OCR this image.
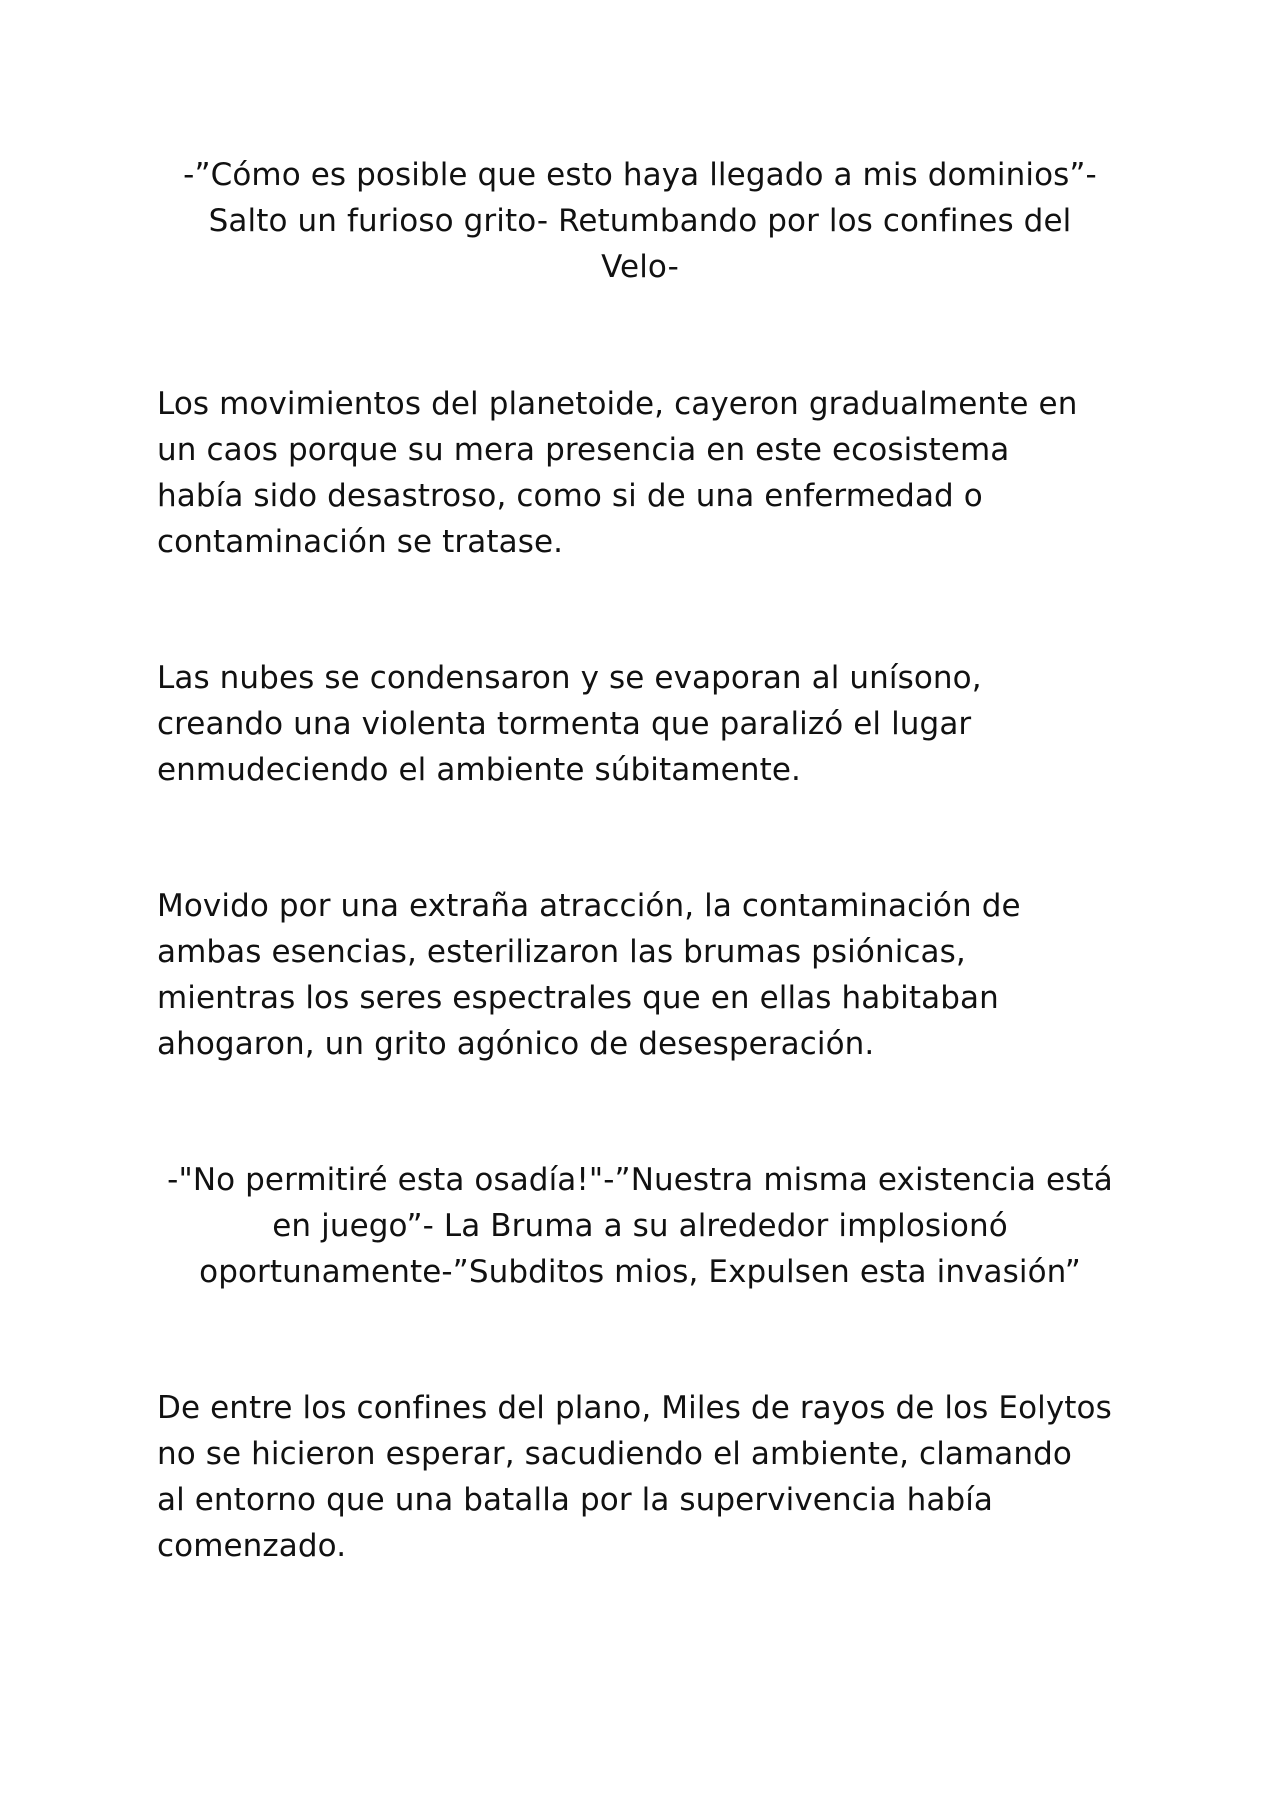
-”Cómo es posible que esto haya llegado a mis dominios”-
Salto un furioso grito- Retumbando por los confines del
Velo-

Los movimientos del planetoide, cayeron gradualmente en
un caos porque su mera presencia en este ecosistema
había sido desastroso, como si de una enfermedad o
contaminación se tratase.

Las nubes se condensaron y se evaporan al unísono,
creando una violenta tormenta que paralizó el lugar
enmudeciendo el ambiente súbitamente.

Movido por una extraña atracción, la contaminación de
ambas esencias, esterilizaron las brumas psiónicas,
mientras los seres espectrales que en ellas habitaban
ahogaron, un grito agónico de desesperación.

-"No permitiré esta osadía!"-”Nuestra misma existencia está
en juego”- La Bruma a su alrededor implosionó
oportunamente-”Subditos mios, Expulsen esta invasión”

De entre los confines del plano, Miles de rayos de los Eolytos
no se hicieron esperar, sacudiendo el ambiente, clamando
al entorno que una batalla por la supervivencia había
comenzado.
